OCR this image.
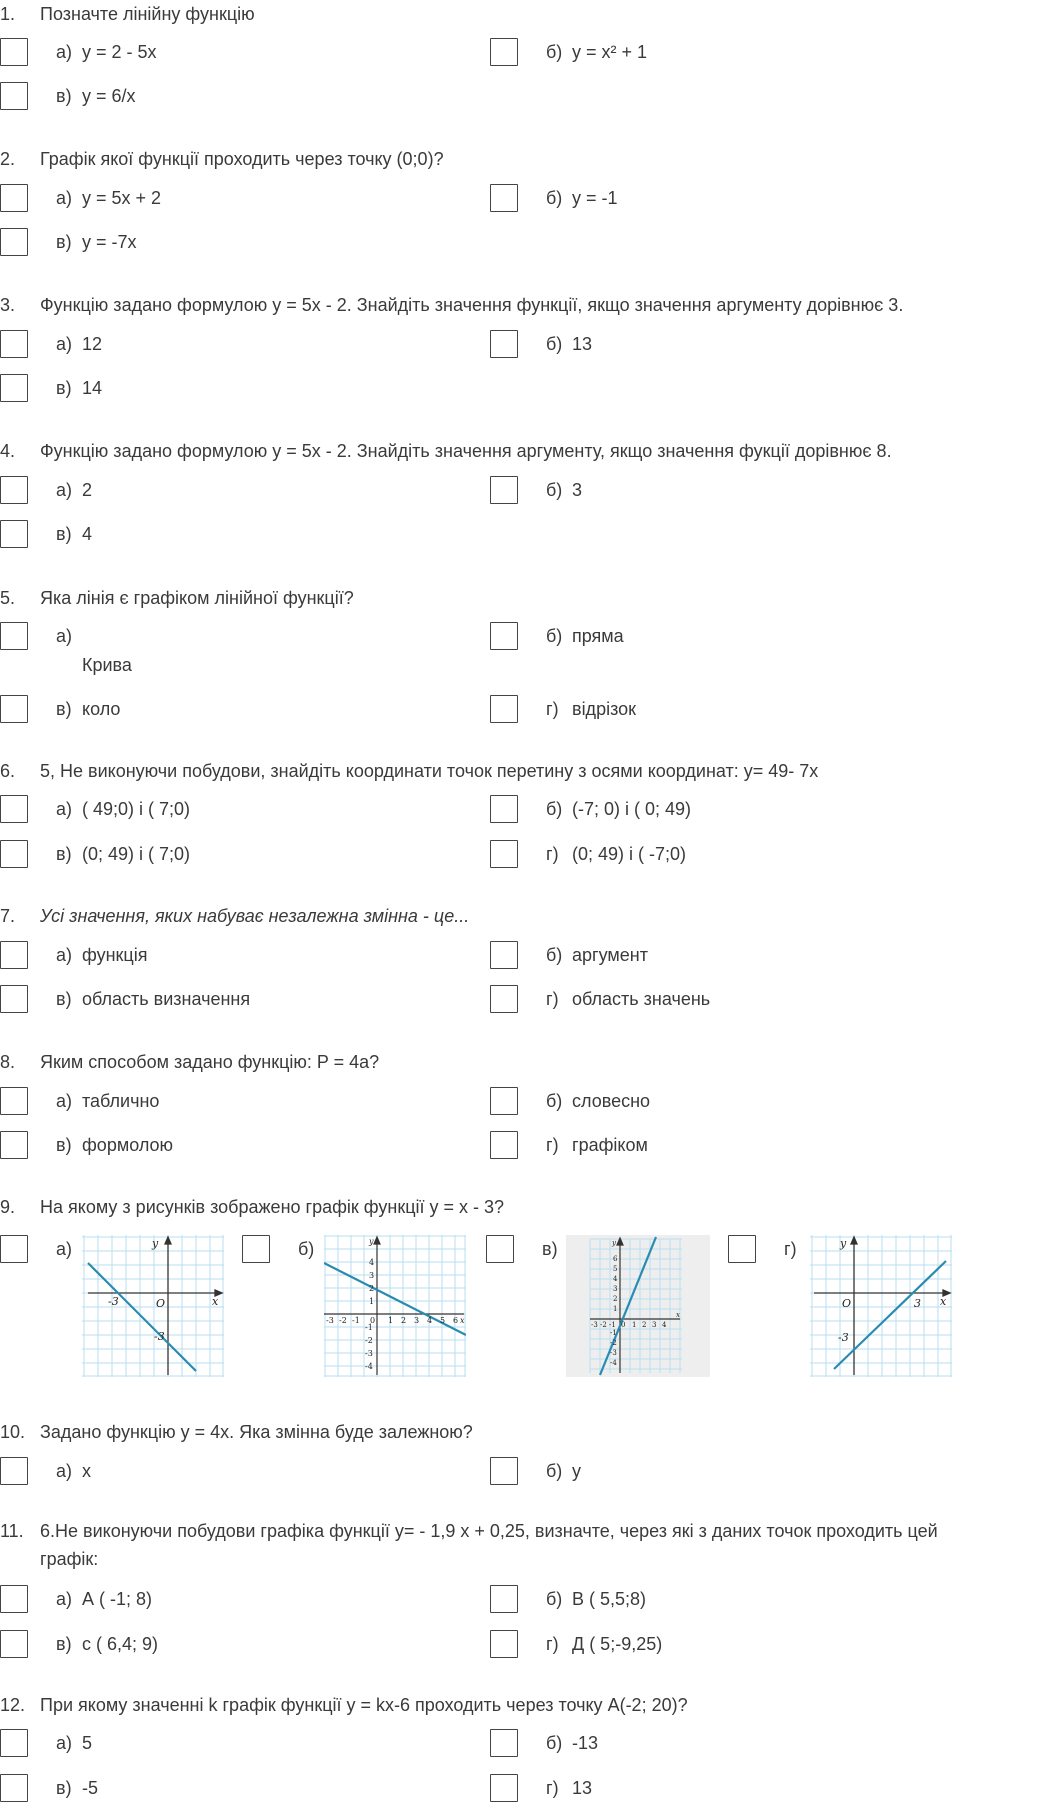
1.	Позначте лінійну функцію
а) y = 2 - 5x	б) y = x² + 1
в) y = 6/x
2.	Графік якої функції проходить через точку (0;0)?
а) y = 5x + 2	б) y = -1
в) y = -7x
3.	Функцію задано формулою y = 5x - 2. Знайдіть значення функції, якщо значення аргументу дорівнює 3.
а) 12	б) 13
в) 14
4.	Функцію задано формулою y = 5x - 2. Знайдіть значення аргументу, якщо значення фукції дорівнює 8.
а) 2	б) 3
в) 4
5.	Яка лінія є графіком лінійної функції?
а)
Крива
б) пряма
в) коло	г) відрізок
6.	5, Не виконуючи побудови, знайдіть координати точок перетину з осями координат: у= 49- 7х
а) ( 49;0) і ( 7;0)	б) (-7; 0) і ( 0; 49)
в) (0; 49) і ( 7;0)	г) (0; 49) і ( -7;0)
7.	Усі значення, яких набуває незалежна змінна - це...
а) функція	б) аргумент
в) область визначення	г) область значень
8.	Яким способом задано функцію: P = 4a?
а) таблично	б) словесно
в) формолою	г) графіком
9.	На якому з рисунків зображено графік функції y = x - 3?
а)	y
x
O
-3
-3
б)	y
x
-3 -2 -1 0 1 2 3 4 5 6
4
3
2
1
-1
-2
-3
-4
в)	y
x
-3 -2 -1 0 1 2 3 4
6
5
4
3
2
1
-1
-2
-3
-4
г)	y
x
O	3
-3
10. Задано функцію y = 4x. Яка змінна буде залежною?
а) x	б) y
11. 6.Не виконуючи побудови графіка функції у= - 1,9 х + 0,25, визначте, через які з даних точок проходить цей графік:
а) А ( -1; 8)	б) В ( 5,5;8)
в) с ( 6,4; 9)	г) Д ( 5;-9,25)
12. При якому значенні k графік функції y = kx-6 проходить через точку A(-2; 20)?
а) 5	б) -13
в) -5	г) 13
